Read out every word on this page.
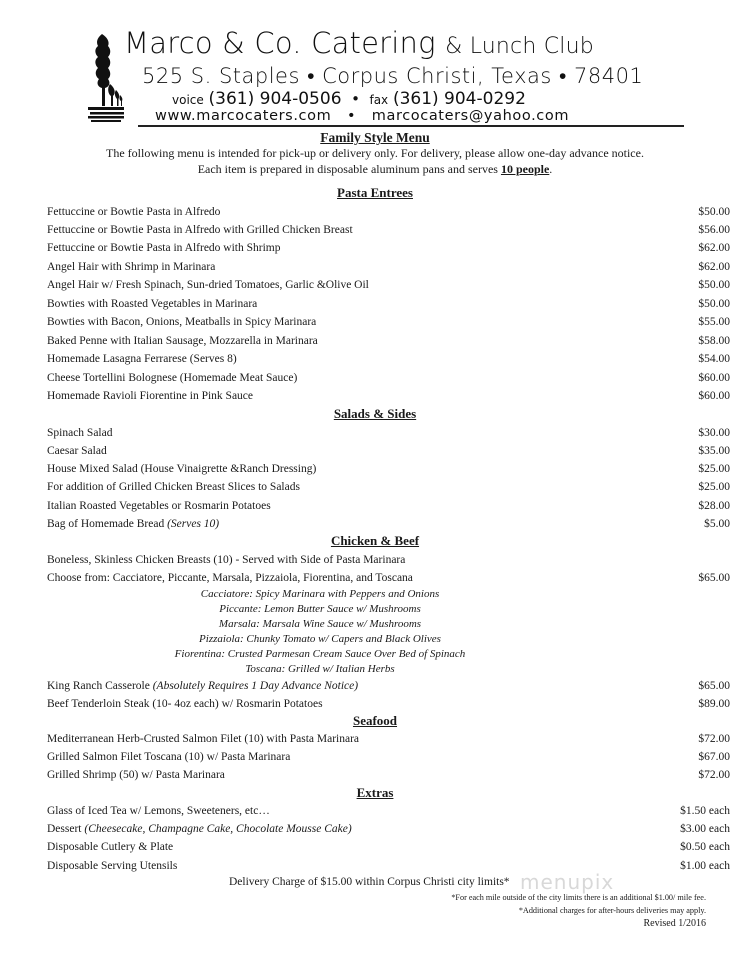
Marco & Co. Catering & Lunch Club
525 S. Staples • Corpus Christi, Texas • 78401
voice (361) 904-0506 • fax (361) 904-0292
www.marcocaters.com • marcocaters@yahoo.com
Family Style Menu
The following menu is intended for pick-up or delivery only. For delivery, please allow one-day advance notice.
Each item is prepared in disposable aluminum pans and serves 10 people.
Pasta Entrees
Fettuccine or Bowtie Pasta in Alfredo	$50.00
Fettuccine or Bowtie Pasta in Alfredo with Grilled Chicken Breast	$56.00
Fettuccine or Bowtie Pasta in Alfredo with Shrimp	$62.00
Angel Hair with Shrimp in Marinara	$62.00
Angel Hair w/ Fresh Spinach, Sun-dried Tomatoes, Garlic &Olive Oil	$50.00
Bowties with Roasted Vegetables in Marinara	$50.00
Bowties with Bacon, Onions, Meatballs in Spicy Marinara	$55.00
Baked Penne with Italian Sausage, Mozzarella in Marinara	$58.00
Homemade Lasagna Ferrarese (Serves 8)	$54.00
Cheese Tortellini Bolognese (Homemade Meat Sauce)	$60.00
Homemade Ravioli Fiorentine in Pink Sauce	$60.00
Salads & Sides
Spinach Salad	$30.00
Caesar Salad	$35.00
House Mixed Salad (House Vinaigrette &Ranch Dressing)	$25.00
For addition of Grilled Chicken Breast Slices to Salads	$25.00
Italian Roasted Vegetables or Rosmarin Potatoes	$28.00
Bag of Homemade Bread (Serves 10)	$5.00
Chicken & Beef
Boneless, Skinless Chicken Breasts (10) - Served with Side of Pasta Marinara
Choose from: Cacciatore, Piccante, Marsala, Pizzaiola, Fiorentina, and Toscana	$65.00
Cacciatore: Spicy Marinara with Peppers and Onions
Piccante: Lemon Butter Sauce w/ Mushrooms
Marsala: Marsala Wine Sauce w/ Mushrooms
Pizzaiola: Chunky Tomato w/ Capers and Black Olives
Fiorentina: Crusted Parmesan Cream Sauce Over Bed of Spinach
Toscana: Grilled w/ Italian Herbs
King Ranch Casserole (Absolutely Requires 1 Day Advance Notice)	$65.00
Beef Tenderloin Steak (10- 4oz each) w/ Rosmarin Potatoes	$89.00
Seafood
Mediterranean Herb-Crusted Salmon Filet (10) with Pasta Marinara	$72.00
Grilled Salmon Filet Toscana (10) w/ Pasta Marinara	$67.00
Grilled Shrimp (50) w/ Pasta Marinara	$72.00
Extras
Glass of Iced Tea w/ Lemons, Sweeteners, etc…	$1.50 each
Dessert (Cheesecake, Champagne Cake, Chocolate Mousse Cake)	$3.00 each
Disposable Cutlery & Plate	$0.50 each
Disposable Serving Utensils	$1.00 each
menupix
Delivery Charge of $15.00 within Corpus Christi city limits*
*For each mile outside of the city limits there is an additional $1.00/ mile fee.
*Additional charges for after-hours deliveries may apply.
Revised 1/2016
